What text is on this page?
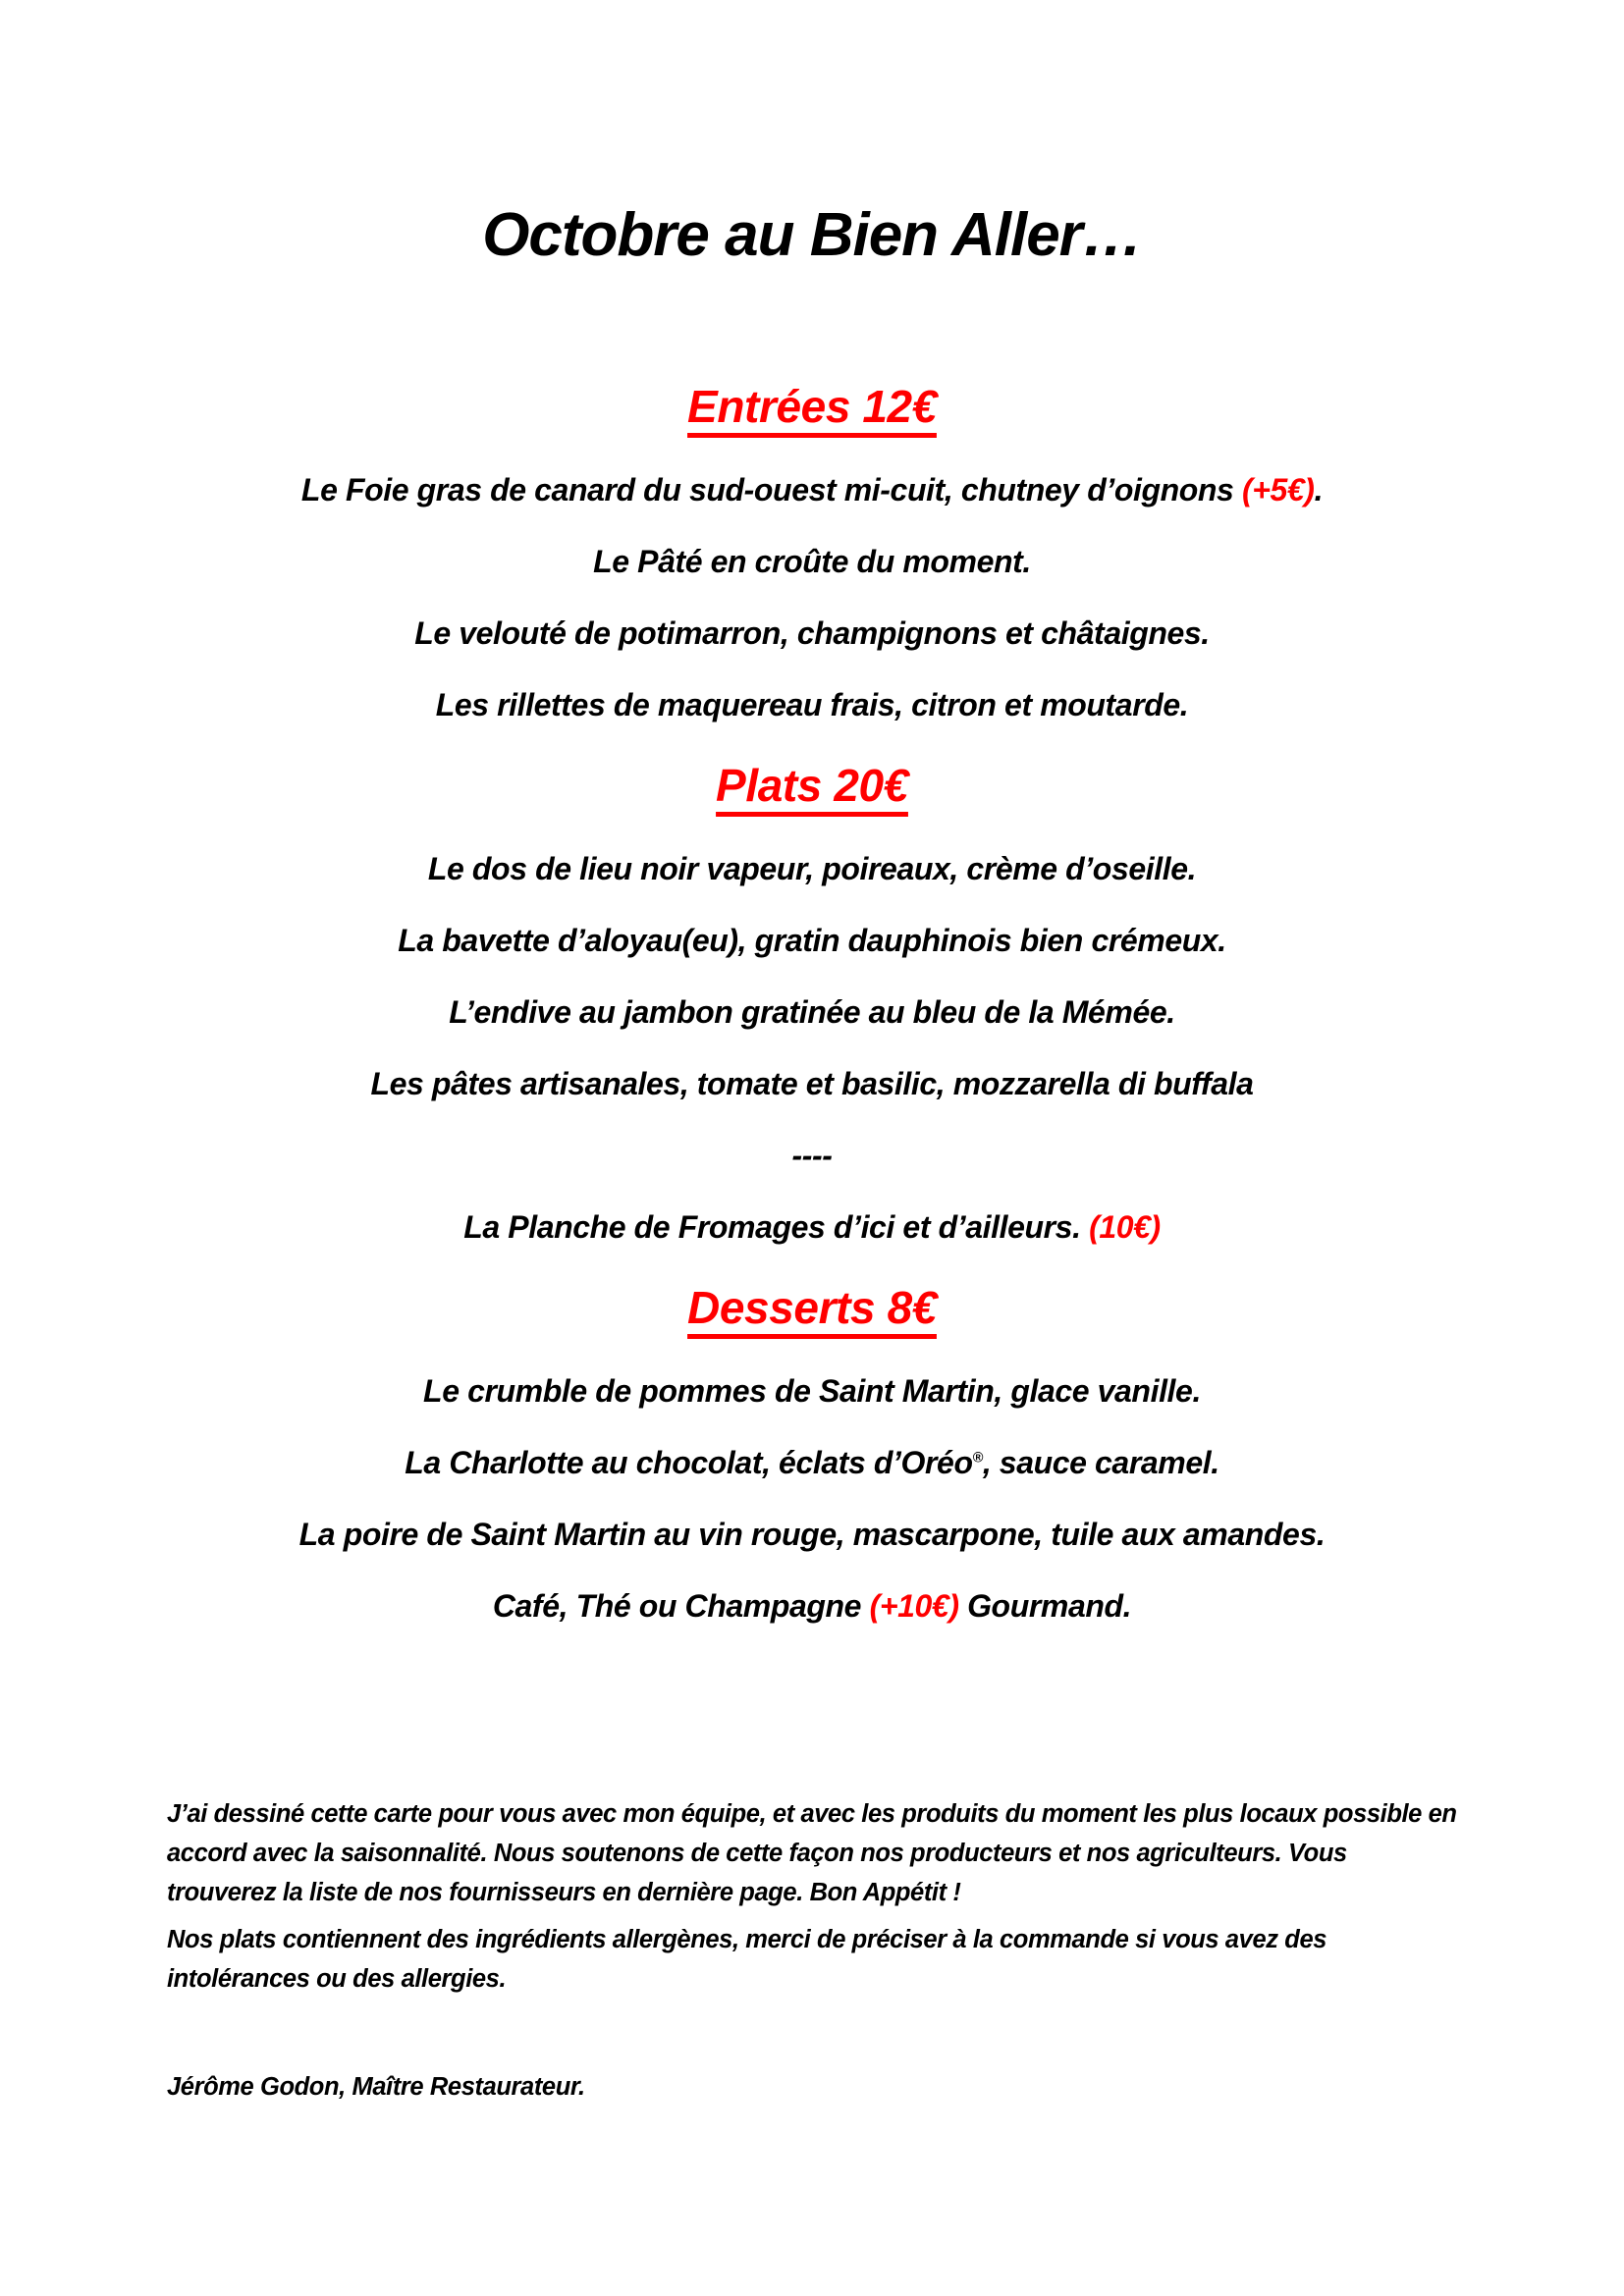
Octobre au Bien Aller…
Entrées 12€

Le Foie gras de canard du sud-ouest mi-cuit, chutney d’oignons (+5€).

Le Pâté en croûte du moment.

Le velouté de potimarron, champignons et châtaignes.

Les rillettes de maquereau frais, citron et moutarde.

Plats 20€

Le dos de lieu noir vapeur, poireaux, crème d’oseille.

La bavette d’aloyau(eu), gratin dauphinois bien crémeux.

L’endive au jambon gratinée au bleu de la Mémée.

Les pâtes artisanales, tomate et basilic, mozzarella di buffala

----

La Planche de Fromages d’ici et d’ailleurs. (10€)

Desserts 8€

Le crumble de pommes de Saint Martin, glace vanille.

La Charlotte au chocolat, éclats d’Oréo®, sauce caramel.

La poire de Saint Martin au vin rouge, mascarpone, tuile aux amandes.

Café, Thé ou Champagne (+10€) Gourmand.

J’ai dessiné cette carte pour vous avec mon équipe, et avec les produits du moment les plus locaux possible en accord avec la saisonnalité. Nous soutenons de cette façon nos producteurs et nos agriculteurs. Vous trouverez la liste de nos fournisseurs en dernière page. Bon Appétit !

Nos plats contiennent des ingrédients allergènes, merci de préciser à la commande si vous avez des intolérances ou des allergies.

Jérôme Godon, Maître Restaurateur.
